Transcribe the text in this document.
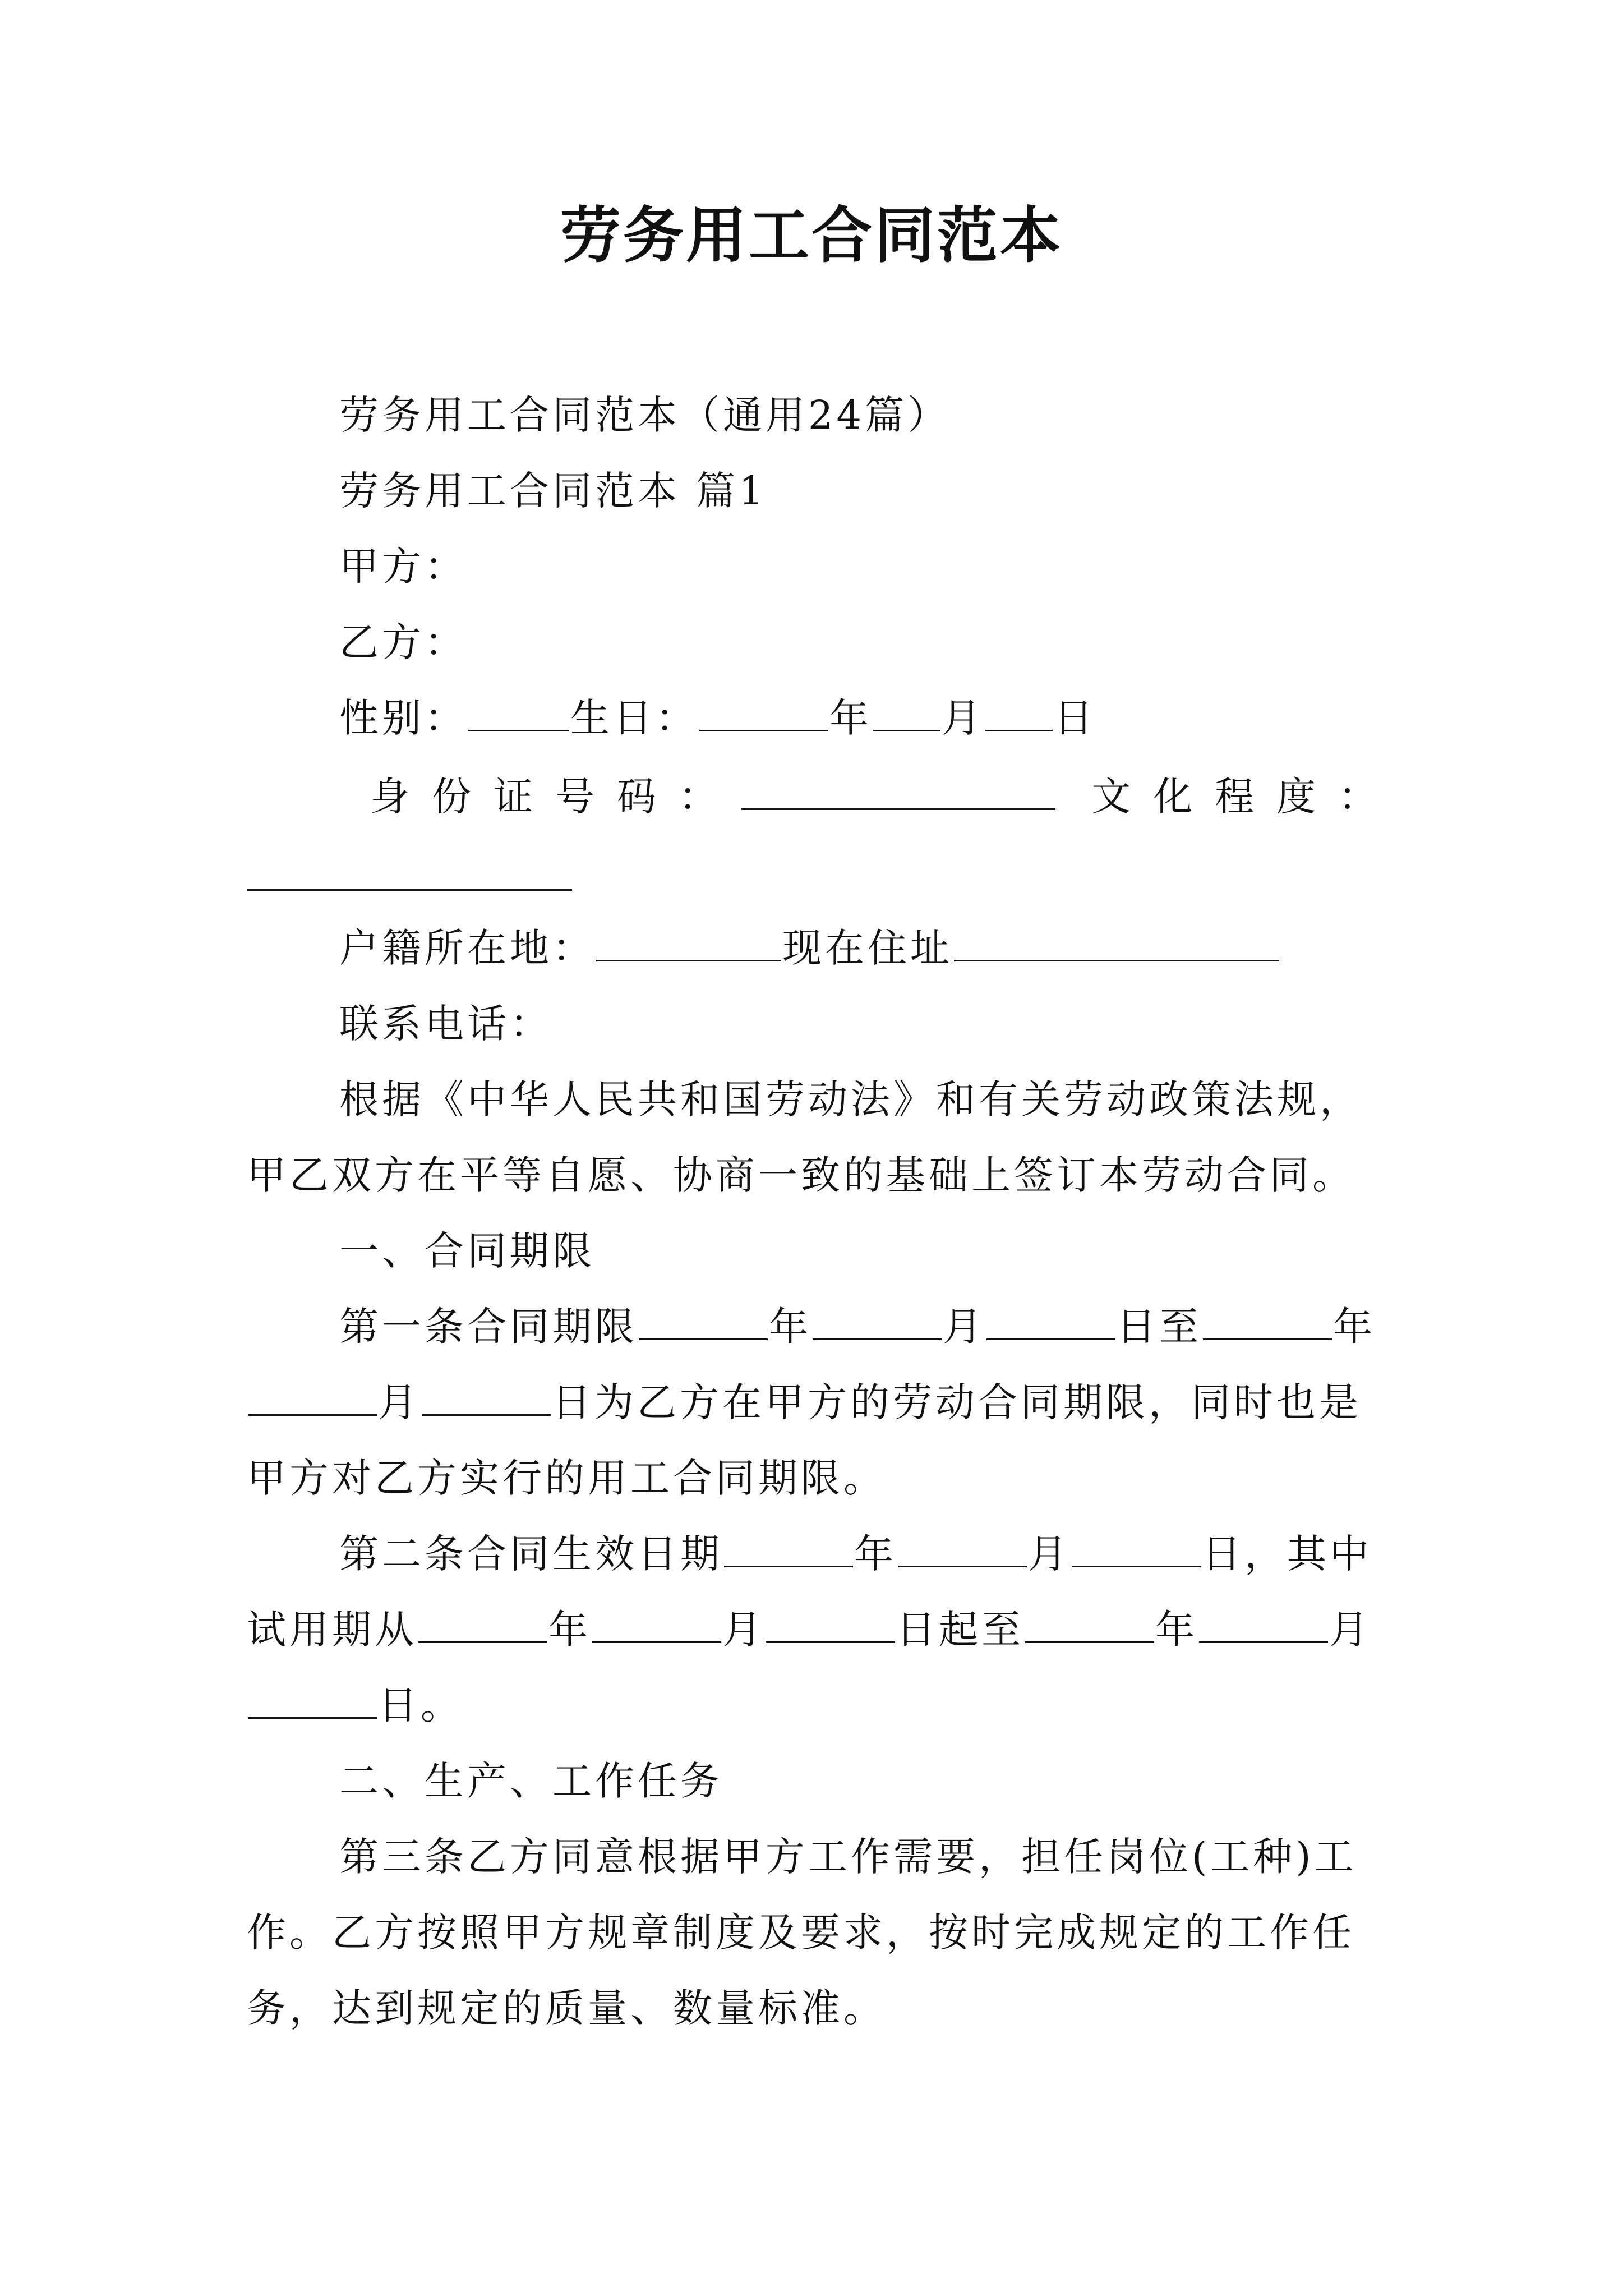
劳务用工合同范本
劳务用工合同范本（通用24篇）
劳务用工合同范本 篇1
甲方：
乙方：
性别：	生日：	年 月 日
身份证号码：	文化程度：
户籍所在地：	现在住址
联系电话：
根据《中华人民共和国劳动法》和有关劳动政策法规，
甲乙双方在平等自愿、协商一致的基础上签订本劳动合同。
一、合同期限
第一条合同期限	年	月	日至	年
月	日为乙方在甲方的劳动合同期限，同时也是
甲方对乙方实行的用工合同期限。
第二条合同生效日期	年	月	日，其中
试用期从	年	月	日起至	年	月
日。
二、生产、工作任务
第三条乙方同意根据甲方工作需要，担任岗位(工种)工
作。乙方按照甲方规章制度及要求，按时完成规定的工作任
务，达到规定的质量、数量标准。
